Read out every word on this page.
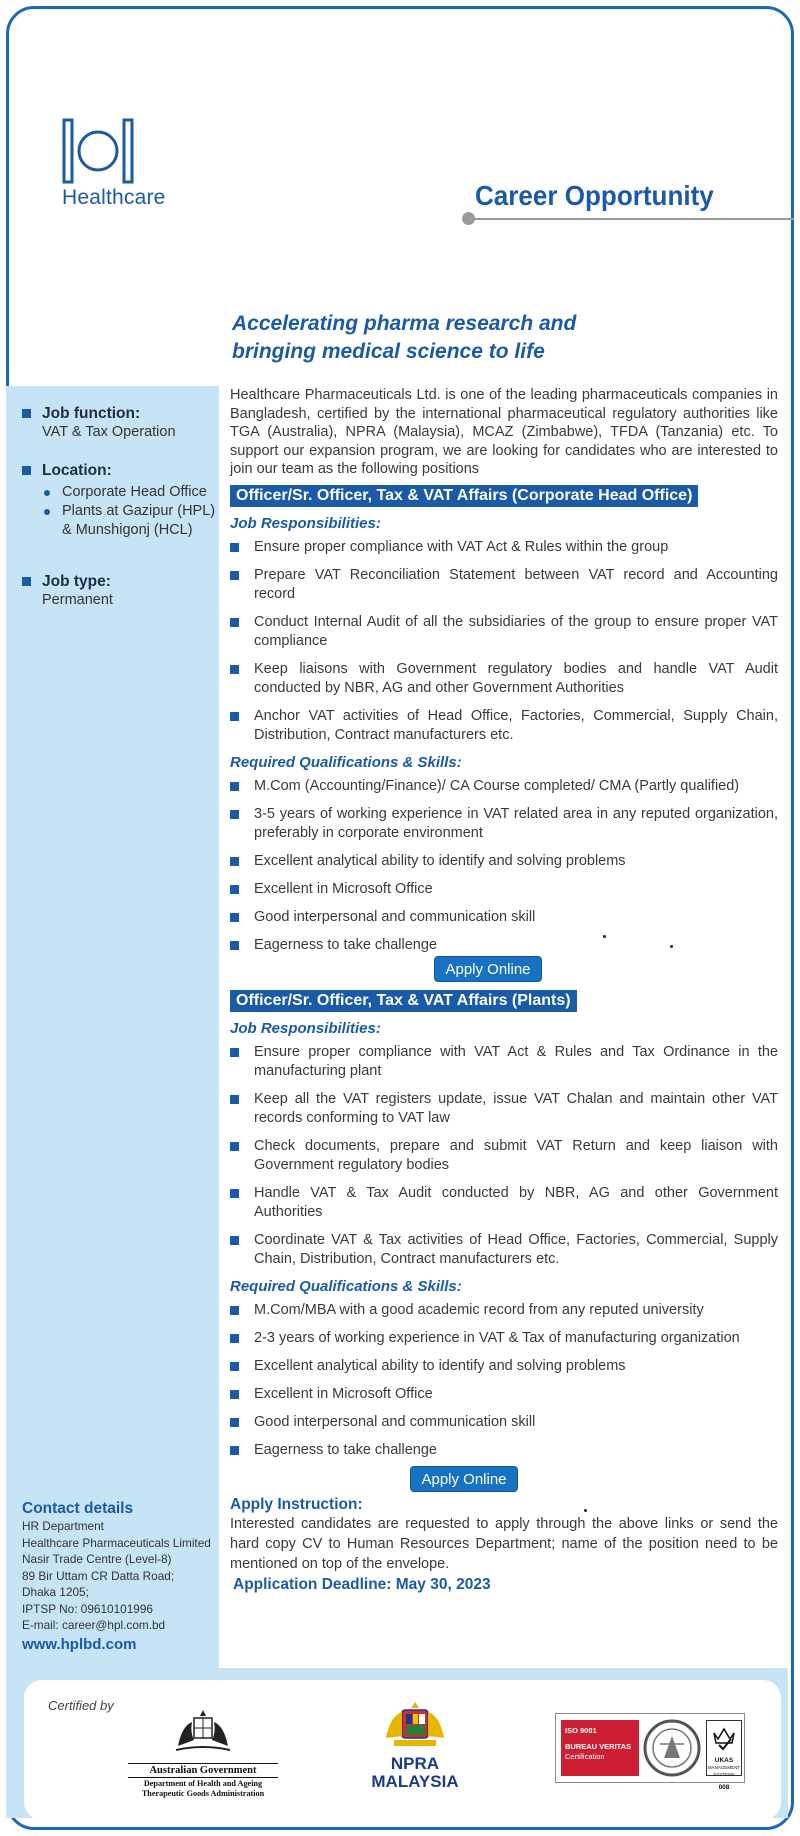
Healthcare	Career Opportunity
Accelerating pharma research and
bringing medical science to life
Job function:
VAT & Tax Operation
Location:
Corporate Head Office
Plants at Gazipur (HPL) & Munshigonj (HCL)
Job type:
Permanent
Contact details
HR Department
Healthcare Pharmaceuticals Limited
Nasir Trade Centre (Level-8)
89 Bir Uttam CR Datta Road;
Dhaka 1205;
IPTSP No: 09610101996
E-mail: career@hpl.com.bd
www.hplbd.com

Healthcare Pharmaceuticals Ltd. is one of the leading pharmaceuticals companies in Bangladesh, certified by the international pharmaceutical regulatory authorities like TGA (Australia), NPRA (Malaysia), MCAZ (Zimbabwe), TFDA (Tanzania) etc. To support our expansion program, we are looking for candidates who are interested to join our team as the following positions

Officer/Sr. Officer, Tax & VAT Affairs (Corporate Head Office)
Job Responsibilities:
Ensure proper compliance with VAT Act & Rules within the group
Prepare VAT Reconciliation Statement between VAT record and Accounting record
Conduct Internal Audit of all the subsidiaries of the group to ensure proper VAT compliance
Keep liaisons with Government regulatory bodies and handle VAT Audit conducted by NBR, AG and other Government Authorities
Anchor VAT activities of Head Office, Factories, Commercial, Supply Chain, Distribution, Contract manufacturers etc.
Required Qualifications & Skills:
M.Com (Accounting/Finance)/ CA Course completed/ CMA (Partly qualified)
3-5 years of working experience in VAT related area in any reputed organization, preferably in corporate environment
Excellent analytical ability to identify and solving problems
Excellent in Microsoft Office
Good interpersonal and communication skill
Eagerness to take challenge
Apply Online
Officer/Sr. Officer, Tax & VAT Affairs (Plants)
Job Responsibilities:
Ensure proper compliance with VAT Act & Rules and Tax Ordinance in the manufacturing plant
Keep all the VAT registers update, issue VAT Chalan and maintain other VAT records conforming to VAT law
Check documents, prepare and submit VAT Return and keep liaison with Government regulatory bodies
Handle VAT & Tax Audit conducted by NBR, AG and other Government Authorities
Coordinate VAT & Tax activities of Head Office, Factories, Commercial, Supply Chain, Distribution, Contract manufacturers etc.
Required Qualifications & Skills:
M.Com/MBA with a good academic record from any reputed university
2-3 years of working experience in VAT & Tax of manufacturing organization
Excellent analytical ability to identify and solving problems
Excellent in Microsoft Office
Good interpersonal and communication skill
Eagerness to take challenge
Apply Online
Apply Instruction:

Interested candidates are requested to apply through the above links or send the hard copy CV to Human Resources Department; name of the position need to be mentioned on top of the envelope.

Application Deadline: May 30, 2023
Certified by
Australian Government
Department of Health and Ageing
Therapeutic Goods Administration
NPRA
MALAYSIA
ISO 9001
BUREAU VERITAS
Certification	UKAS
MANAGEMENT SYSTEMS
008
